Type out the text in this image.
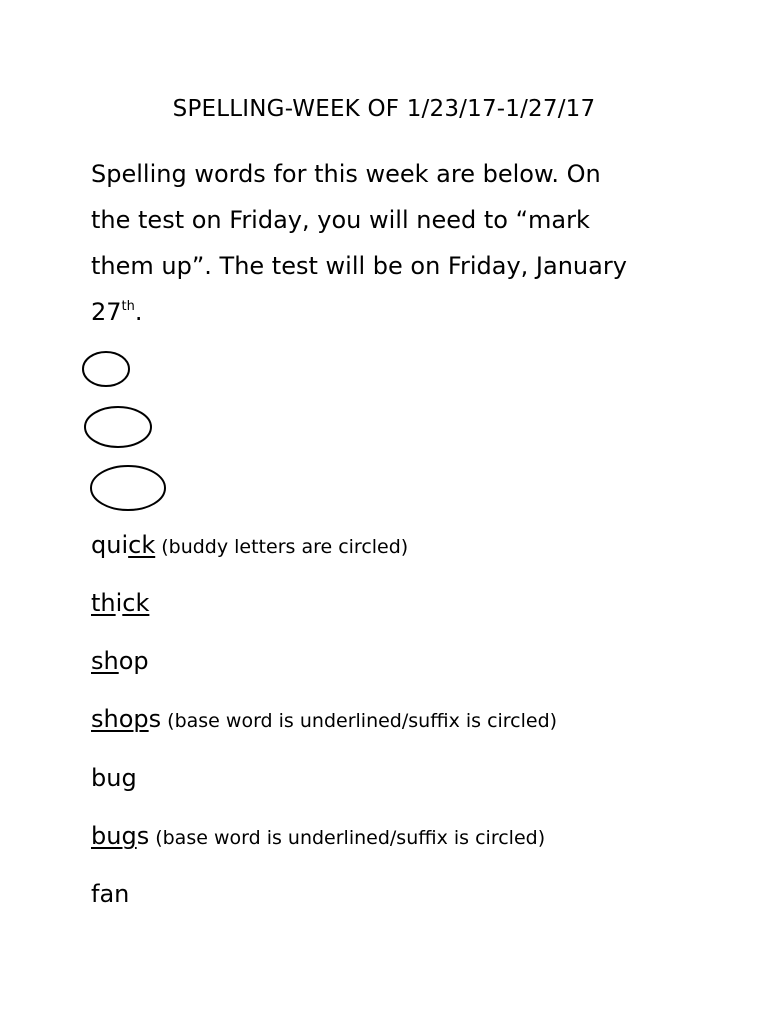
SPELLING-WEEK OF 1/23/17-1/27/17

Spelling words for this week are below. On

the test on Friday, you will need to “mark

them up”. The test will be on Friday, January

27th.

quick (buddy letters are circled)
thick
shop
shops (base word is underlined/suffix is circled)
bug
bugs (base word is underlined/suffix is circled)
fan
